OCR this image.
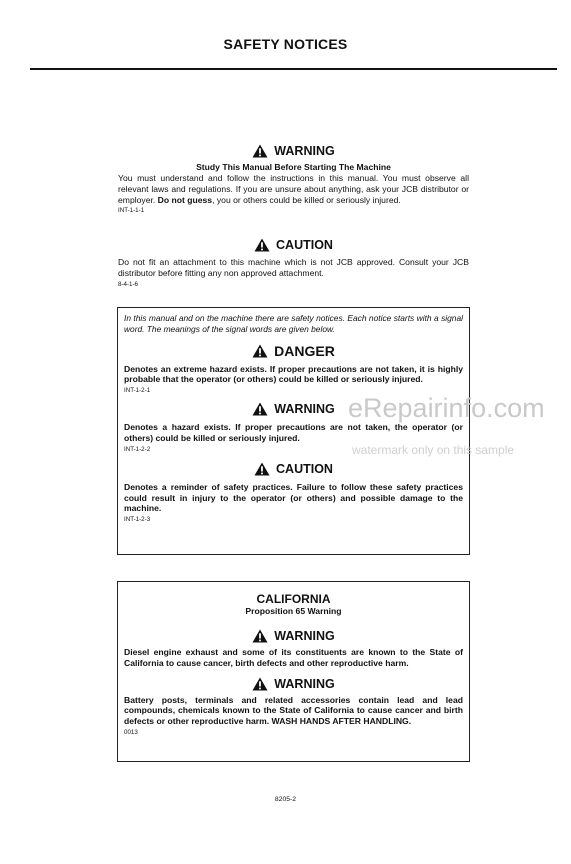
SAFETY NOTICES
WARNING
Study This Manual Before Starting The Machine
You must understand and follow the instructions in this manual. You must observe all relevant laws and regulations. If you are unsure about anything, ask your JCB distributor or employer. Do not guess, you or others could be killed or seriously injured.
INT-1-1-1
CAUTION
Do not fit an attachment to this machine which is not JCB approved. Consult your JCB distributor before fitting any non approved attachment.
8-4-1-6
In this manual and on the machine there are safety notices. Each notice starts with a signal word. The meanings of the signal words are given below.
DANGER
Denotes an extreme hazard exists. If proper precautions are not taken, it is highly probable that the operator (or others) could be killed or seriously injured.
INT-1-2-1
WARNING
Denotes a hazard exists. If proper precautions are not taken, the operator (or others) could be killed or seriously injured.
INT-1-2-2
CAUTION
Denotes a reminder of safety practices. Failure to follow these safety practices could result in injury to the operator (or others) and possible damage to the machine.
INT-1-2-3
CALIFORNIA
Proposition 65 Warning
WARNING
Diesel engine exhaust and some of its constituents are known to the State of California to cause cancer, birth defects and other reproductive harm.
WARNING
Battery posts, terminals and related accessories contain lead and lead compounds, chemicals known to the State of California to cause cancer and birth defects or other reproductive harm. WASH HANDS AFTER HANDLING.
0013
8205-2
eRepairinfo.com
watermark only on this sample
